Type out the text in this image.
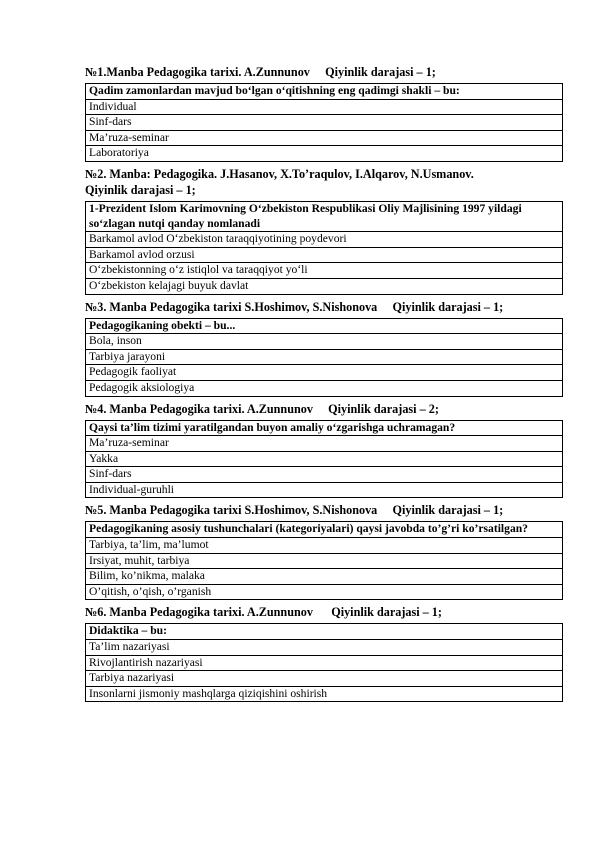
№1.Manba Pedagogika tarixi. A.Zunnunov     Qiyinlik darajasi – 1;
Qadim zamonlardan mavjud bo‘lgan o‘qitishning eng qadimgi shakli – bu:
Individual
Sinf-dars
Ma’ruza-seminar
Laboratoriya
№2. Manba: Pedagogika. J.Hasanov, X.To’raqulov, I.Alqarov, N.Usmanov.
Qiyinlik darajasi – 1;
1-Prezident Islom Karimovning O‘zbekiston Respublikasi Oliy Majlisining 1997 yildagi so‘zlagan nutqi qanday nomlanadi
Barkamol avlod O‘zbekiston taraqqiyotining poydevori
Barkamol avlod orzusi
O‘zbekistonning o‘z istiqlol va taraqqiyot yo‘li
O‘zbekiston kelajagi buyuk davlat
№3. Manba Pedagogika tarixi S.Hoshimov, S.Nishonova     Qiyinlik darajasi – 1;
Pedagogikaning obekti – bu...
Bola, inson
Tarbiya jarayoni
Pedagogik faoliyat
Pedagogik aksiologiya
№4. Manba Pedagogika tarixi. A.Zunnunov     Qiyinlik darajasi – 2;
Qaysi ta’lim tizimi yaratilgandan buyon amaliy o‘zgarishga uchramagan?
Ma’ruza-seminar
Yakka
Sinf-dars
Individual-guruhli
№5. Manba Pedagogika tarixi S.Hoshimov, S.Nishonova     Qiyinlik darajasi – 1;
Pedagogikaning asosiy tushunchalari (kategoriyalari) qaysi javobda to’g’ri ko’rsatilgan?
Tarbiya, ta’lim, ma’lumot
Irsiyat, muhit, tarbiya
Bilim, ko’nikma, malaka
O’qitish, o’qish, o’rganish
№6. Manba Pedagogika tarixi. A.Zunnunov      Qiyinlik darajasi – 1;
Didaktika – bu:
Ta’lim nazariyasi
Rivojlantirish nazariyasi
Tarbiya nazariyasi
Insonlarni jismoniy mashqlarga qiziqishini oshirish
